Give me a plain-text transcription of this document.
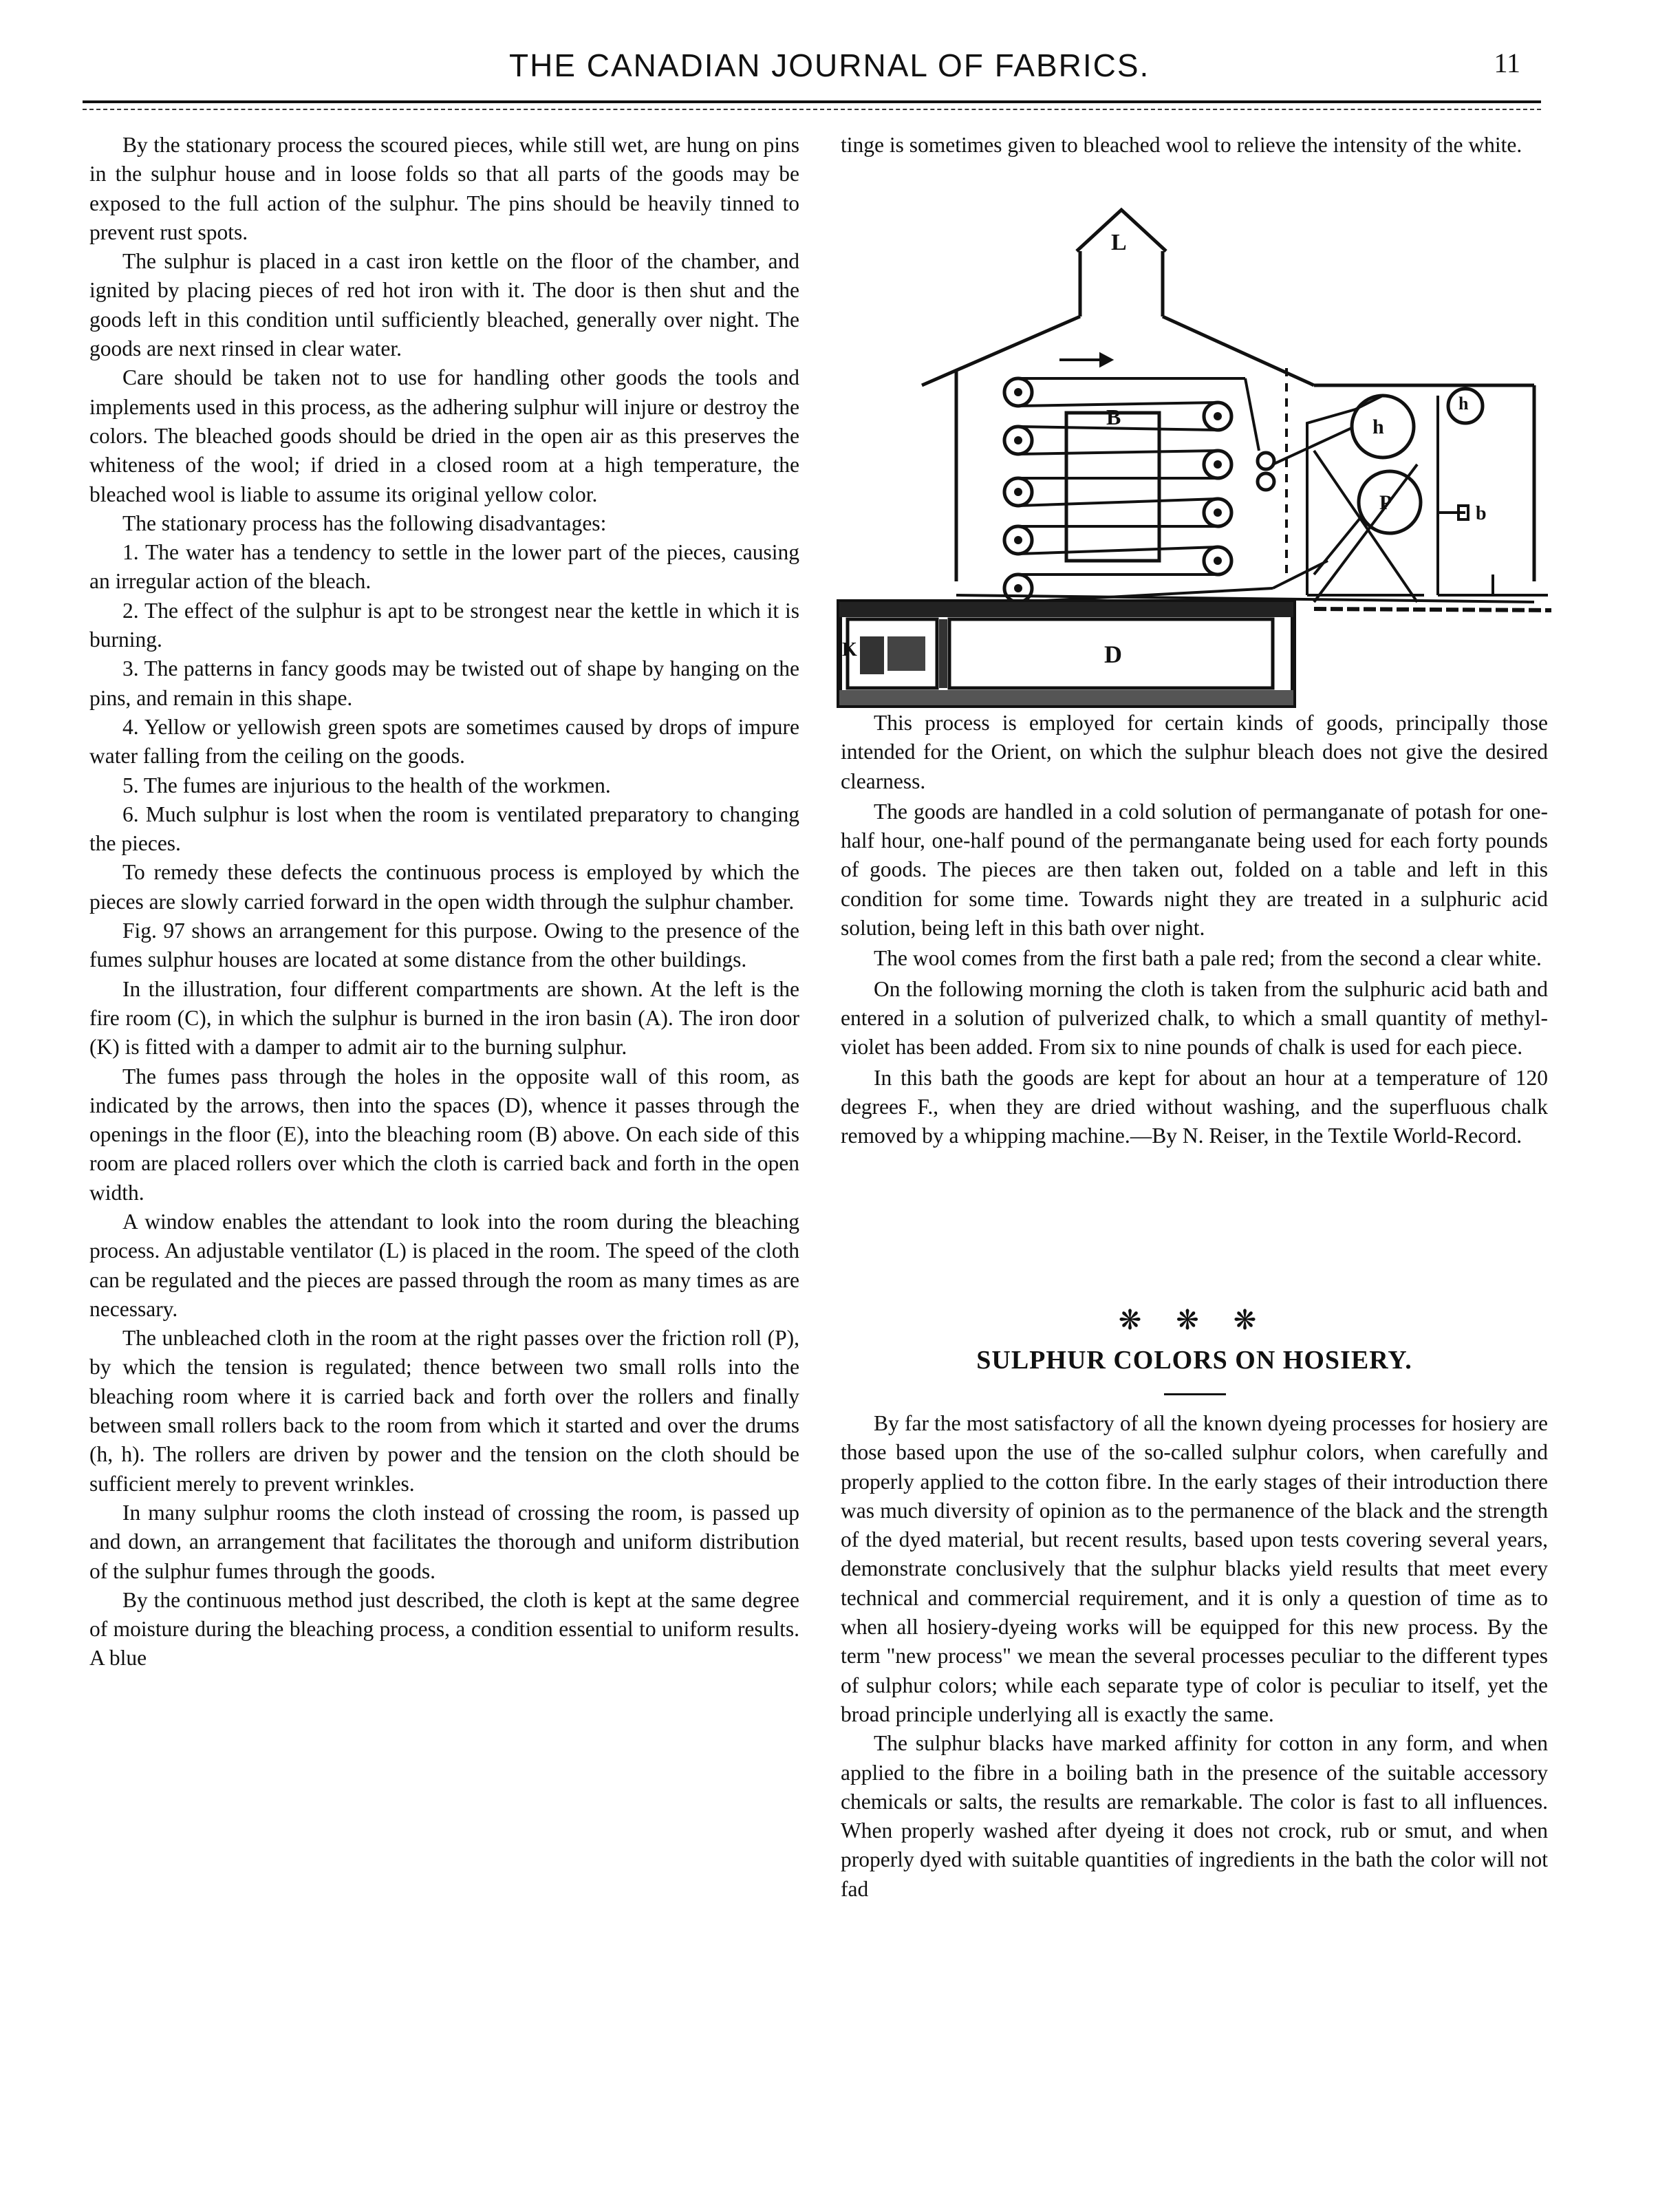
THE CANADIAN JOURNAL OF FABRICS.	11

By the stationary process the scoured pieces, while still wet, are hung on pins in the sulphur house and in loose folds so that all parts of the goods may be exposed to the full action of the sulphur. The pins should be heavily tinned to prevent rust spots.

The sulphur is placed in a cast iron kettle on the floor of the chamber, and ignited by placing pieces of red hot iron with it. The door is then shut and the goods left in this condition until sufficiently bleached, generally over night. The goods are next rinsed in clear water.

Care should be taken not to use for handling other goods the tools and implements used in this process, as the adhering sulphur will injure or destroy the colors. The bleached goods should be dried in the open air as this preserves the whiteness of the wool; if dried in a closed room at a high temperature, the bleached wool is liable to assume its original yellow color.

The stationary process has the following disadvantages:

1. The water has a tendency to settle in the lower part of the pieces, causing an irregular action of the bleach.

2. The effect of the sulphur is apt to be strongest near the kettle in which it is burning.

3. The patterns in fancy goods may be twisted out of shape by hanging on the pins, and remain in this shape.

4. Yellow or yellowish green spots are sometimes caused by drops of impure water falling from the ceiling on the goods.

5. The fumes are injurious to the health of the workmen.

6. Much sulphur is lost when the room is ventilated preparatory to changing the pieces.

To remedy these defects the continuous process is employed by which the pieces are slowly carried forward in the open width through the sulphur chamber.

Fig. 97 shows an arrangement for this purpose. Owing to the presence of the fumes sulphur houses are located at some distance from the other buildings.

In the illustration, four different compartments are shown. At the left is the fire room (C), in which the sulphur is burned in the iron basin (A). The iron door (K) is fitted with a damper to admit air to the burning sulphur.

The fumes pass through the holes in the opposite wall of this room, as indicated by the arrows, then into the spaces (D), whence it passes through the openings in the floor (E), into the bleaching room (B) above. On each side of this room are placed rollers over which the cloth is carried back and forth in the open width.

A window enables the attendant to look into the room during the bleaching process. An adjustable ventilator (L) is placed in the room. The speed of the cloth can be regulated and the pieces are passed through the room as many times as are necessary.

The unbleached cloth in the room at the right passes over the friction roll (P), by which the tension is regulated; thence between two small rolls into the bleaching room where it is carried back and forth over the rollers and finally between small rollers back to the room from which it started and over the drums (h, h). The rollers are driven by power and the tension on the cloth should be sufficient merely to prevent wrinkles.

In many sulphur rooms the cloth instead of crossing the room, is passed up and down, an arrangement that facilitates the thorough and uniform distribution of the sulphur fumes through the goods.

By the continuous method just described, the cloth is kept at the same degree of moisture during the bleaching process, a condition essential to uniform results. A blue

tinge is sometimes given to bleached wool to relieve the intensity of the white.

L
B
D
K
A
h
P
h
b

This process is employed for certain kinds of goods, principally those intended for the Orient, on which the sulphur bleach does not give the desired clearness.

The goods are handled in a cold solution of permanganate of potash for one-half hour, one-half pound of the permanganate being used for each forty pounds of goods. The pieces are then taken out, folded on a table and left in this condition for some time. Towards night they are treated in a sulphuric acid solution, being left in this bath over night.

The wool comes from the first bath a pale red; from the second a clear white.

On the following morning the cloth is taken from the sulphuric acid bath and entered in a solution of pulverized chalk, to which a small quantity of methyl-violet has been added. From six to nine pounds of chalk is used for each piece.

In this bath the goods are kept for about an hour at a temperature of 120 degrees F., when they are dried without washing, and the superfluous chalk removed by a whipping machine.—By N. Reiser, in the Textile World-Record.

❋ ❋ ❋
SULPHUR COLORS ON HOSIERY.

By far the most satisfactory of all the known dyeing processes for hosiery are those based upon the use of the so-called sulphur colors, when carefully and properly applied to the cotton fibre. In the early stages of their introduction there was much diversity of opinion as to the permanence of the black and the strength of the dyed material, but recent results, based upon tests covering several years, demonstrate conclusively that the sulphur blacks yield results that meet every technical and commercial requirement, and it is only a question of time as to when all hosiery-dyeing works will be equipped for this new process. By the term "new process" we mean the several processes peculiar to the different types of sulphur colors; while each separate type of color is peculiar to itself, yet the broad principle underlying all is exactly the same.

The sulphur blacks have marked affinity for cotton in any form, and when applied to the fibre in a boiling bath in the presence of the suitable accessory chemicals or salts, the results are remarkable. The color is fast to all influences. When properly washed after dyeing it does not crock, rub or smut, and when properly dyed with suitable quantities of ingredients in the bath the color will not fad
